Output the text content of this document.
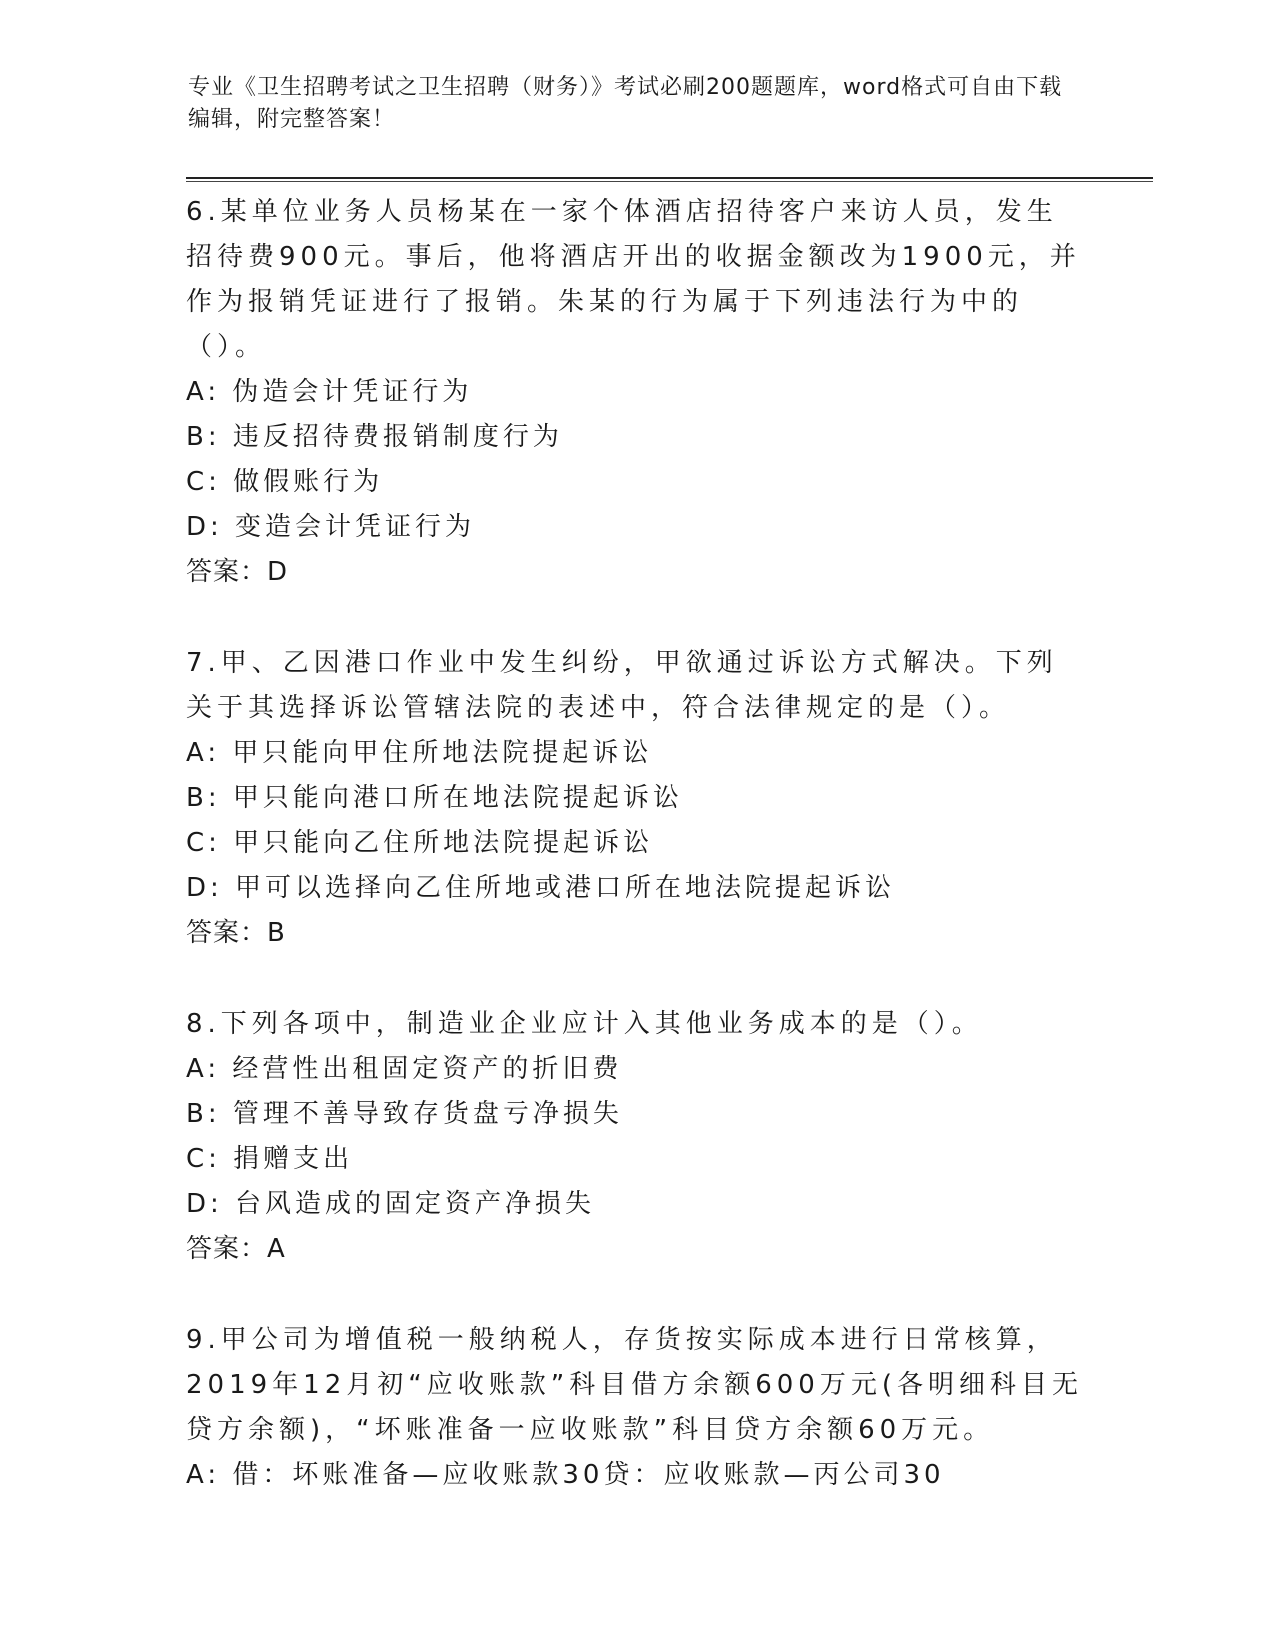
专业《卫生招聘考试之卫生招聘（财务）》考试必刷200题题库，word格式可自由下载编辑，附完整答案！
6.某单位业务人员杨某在一家个体酒店招待客户来访人员，发生招待费900元。事后，他将酒店开出的收据金额改为1900元，并作为报销凭证进行了报销。朱某的行为属于下列违法行为中的（）。
A: 伪造会计凭证行为
B: 违反招待费报销制度行为
C: 做假账行为
D: 变造会计凭证行为
答案：D
7.甲、乙因港口作业中发生纠纷，甲欲通过诉讼方式解决。下列关于其选择诉讼管辖法院的表述中，符合法律规定的是（）。
A: 甲只能向甲住所地法院提起诉讼
B: 甲只能向港口所在地法院提起诉讼
C: 甲只能向乙住所地法院提起诉讼
D: 甲可以选择向乙住所地或港口所在地法院提起诉讼
答案：B
8.下列各项中，制造业企业应计入其他业务成本的是（）。
A: 经营性出租固定资产的折旧费
B: 管理不善导致存货盘亏净损失
C: 捐赠支出
D: 台风造成的固定资产净损失
答案：A
9.甲公司为增值税一般纳税人，存货按实际成本进行日常核算，2019年12月初“应收账款”科目借方余额600万元(各明细科目无贷方余额)，“坏账准备一应收账款”科目贷方余额60万元。
A: 借：坏账准备—应收账款30贷：应收账款—丙公司30
